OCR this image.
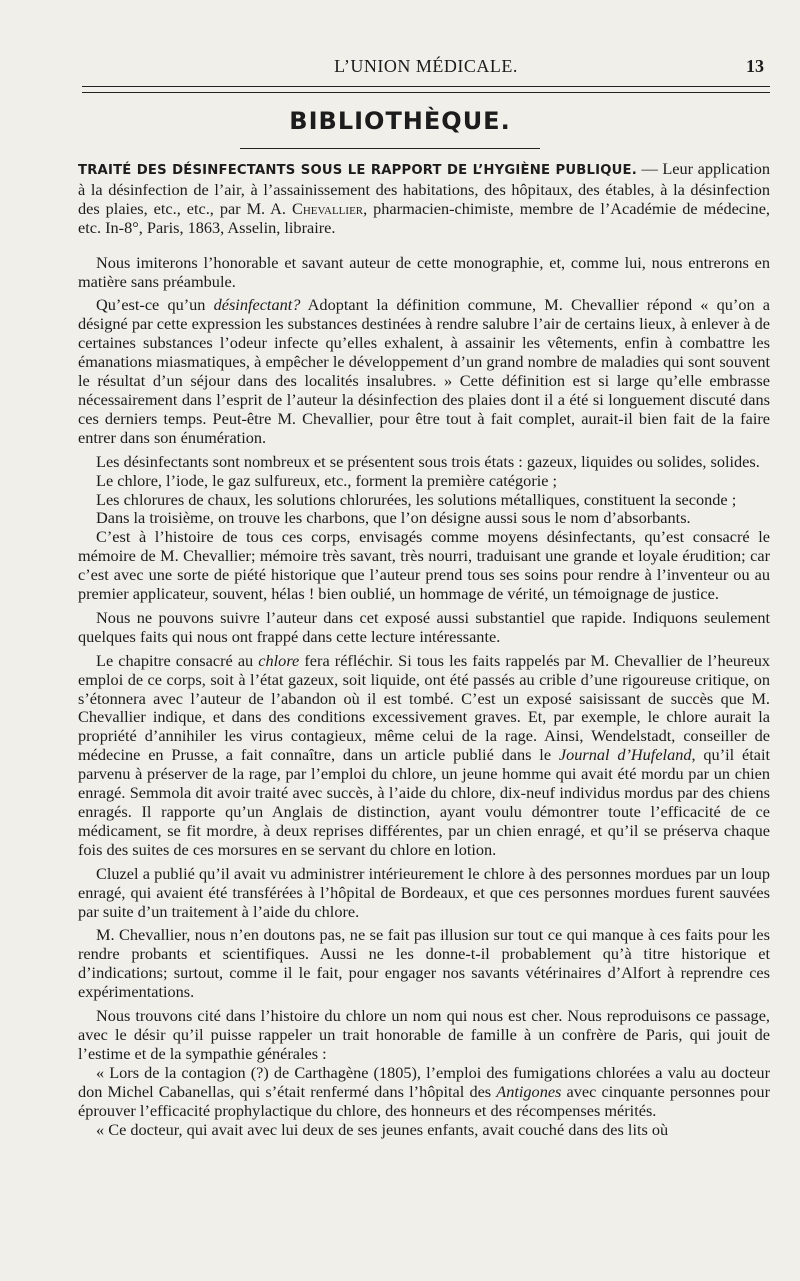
L’UNION MÉDICALE.	13
BIBLIOTHÈQUE.

TRAITÉ DES DÉSINFECTANTS SOUS LE RAPPORT DE L’HYGIÈNE PUBLIQUE. — Leur application à la désinfection de l’air, à l’assainissement des habitations, des hôpitaux, des étables, à la désinfection des plaies, etc., etc., par M. A. Chevallier, pharmacien-chimiste, membre de l’Académie de médecine, etc. In-8°, Paris, 1863, Asselin, libraire.

Nous imiterons l’honorable et savant auteur de cette monographie, et, comme lui, nous entrerons en matière sans préambule.

Qu’est-ce qu’un désinfectant? Adoptant la définition commune, M. Chevallier répond « qu’on a désigné par cette expression les substances destinées à rendre salubre l’air de certains lieux, à enlever à de certaines substances l’odeur infecte qu’elles exhalent, à assainir les vêtements, enfin à combattre les émanations miasmatiques, à empêcher le développement d’un grand nombre de maladies qui sont souvent le résultat d’un séjour dans des localités insalubres. » Cette définition est si large qu’elle embrasse nécessairement dans l’esprit de l’auteur la désinfection des plaies dont il a été si longuement discuté dans ces derniers temps. Peut-être M. Chevallier, pour être tout à fait complet, aurait-il bien fait de la faire entrer dans son énumération.

Les désinfectants sont nombreux et se présentent sous trois états : gazeux, liquides ou solides, solides.

Le chlore, l’iode, le gaz sulfureux, etc., forment la première catégorie ;

Les chlorures de chaux, les solutions chlorurées, les solutions métalliques, constituent la seconde ;

Dans la troisième, on trouve les charbons, que l’on désigne aussi sous le nom d’absorbants.

C’est à l’histoire de tous ces corps, envisagés comme moyens désinfectants, qu’est consacré le mémoire de M. Chevallier; mémoire très savant, très nourri, traduisant une grande et loyale érudition; car c’est avec une sorte de piété historique que l’auteur prend tous ses soins pour rendre à l’inventeur ou au premier applicateur, souvent, hélas ! bien oublié, un hommage de vérité, un témoignage de justice.

Nous ne pouvons suivre l’auteur dans cet exposé aussi substantiel que rapide. Indiquons seulement quelques faits qui nous ont frappé dans cette lecture intéressante.

Le chapitre consacré au chlore fera réfléchir. Si tous les faits rappelés par M. Chevallier de l’heureux emploi de ce corps, soit à l’état gazeux, soit liquide, ont été passés au crible d’une rigoureuse critique, on s’étonnera avec l’auteur de l’abandon où il est tombé. C’est un exposé saisissant de succès que M. Chevallier indique, et dans des conditions excessivement graves. Et, par exemple, le chlore aurait la propriété d’annihiler les virus contagieux, même celui de la rage. Ainsi, Wendelstadt, conseiller de médecine en Prusse, a fait connaître, dans un article publié dans le Journal d’Hufeland, qu’il était parvenu à préserver de la rage, par l’emploi du chlore, un jeune homme qui avait été mordu par un chien enragé. Semmola dit avoir traité avec succès, à l’aide du chlore, dix-neuf individus mordus par des chiens enragés. Il rapporte qu’un Anglais de distinction, ayant voulu démontrer toute l’efficacité de ce médicament, se fit mordre, à deux reprises différentes, par un chien enragé, et qu’il se préserva chaque fois des suites de ces morsures en se servant du chlore en lotion.

Cluzel a publié qu’il avait vu administrer intérieurement le chlore à des personnes mordues par un loup enragé, qui avaient été transférées à l’hôpital de Bordeaux, et que ces personnes mordues furent sauvées par suite d’un traitement à l’aide du chlore.

M. Chevallier, nous n’en doutons pas, ne se fait pas illusion sur tout ce qui manque à ces faits pour les rendre probants et scientifiques. Aussi ne les donne-t-il probablement qu’à titre historique et d’indications; surtout, comme il le fait, pour engager nos savants vétérinaires d’Alfort à reprendre ces expérimentations.

Nous trouvons cité dans l’histoire du chlore un nom qui nous est cher. Nous reproduisons ce passage, avec le désir qu’il puisse rappeler un trait honorable de famille à un confrère de Paris, qui jouit de l’estime et de la sympathie générales :

« Lors de la contagion (?) de Carthagène (1805), l’emploi des fumigations chlorées a valu au docteur don Michel Cabanellas, qui s’était renfermé dans l’hôpital des Antigones avec cinquante personnes pour éprouver l’efficacité prophylactique du chlore, des honneurs et des récompenses mérités.

« Ce docteur, qui avait avec lui deux de ses jeunes enfants, avait couché dans des lits où
